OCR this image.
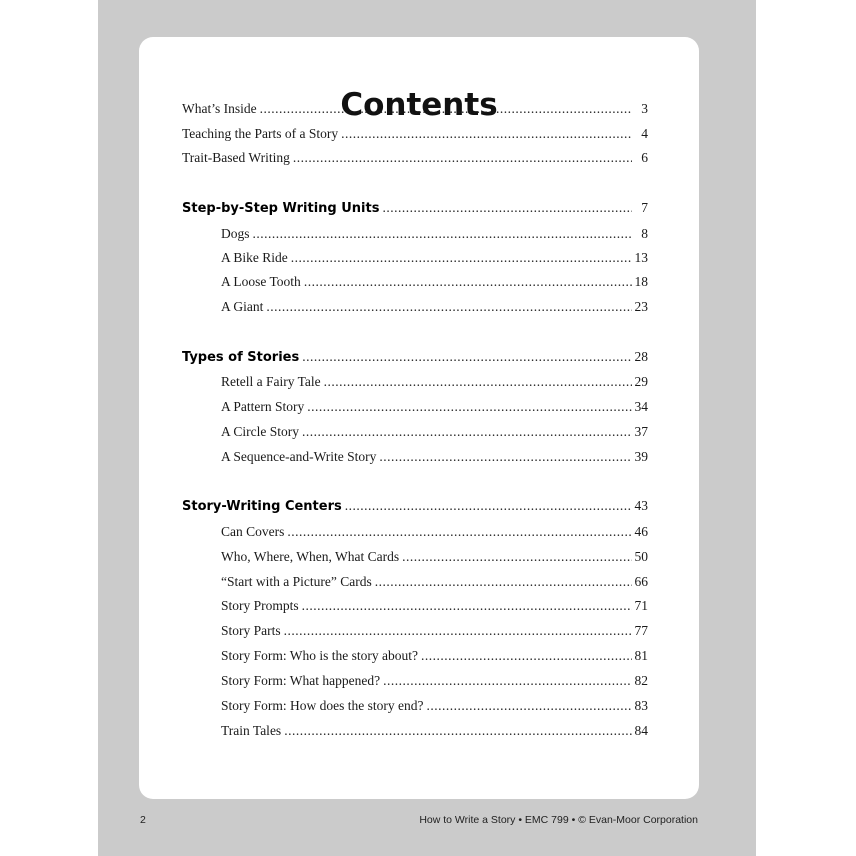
Contents
What’s Inside .....	3
Teaching the Parts of a Story .....	4
Trait-Based Writing .....	6
Step-by-Step Writing Units .....	7
Dogs .....	8
A Bike Ride .....	13
A Loose Tooth .....	18
A Giant .....	23
Types of Stories .....	28
Retell a Fairy Tale .....	29
A Pattern Story .....	34
A Circle Story .....	37
A Sequence-and-Write Story .....	39
Story-Writing Centers .....	43
Can Covers .....	46
Who, Where, When, What Cards .....	50
“Start with a Picture” Cards .....	66
Story Prompts .....	71
Story Parts .....	77
Story Form: Who is the story about? .....	81
Story Form: What happened? .....	82
Story Form: How does the story end? .....	83
Train Tales .....	84
2	How to Write a Story • EMC 799 • © Evan-Moor Corporation
